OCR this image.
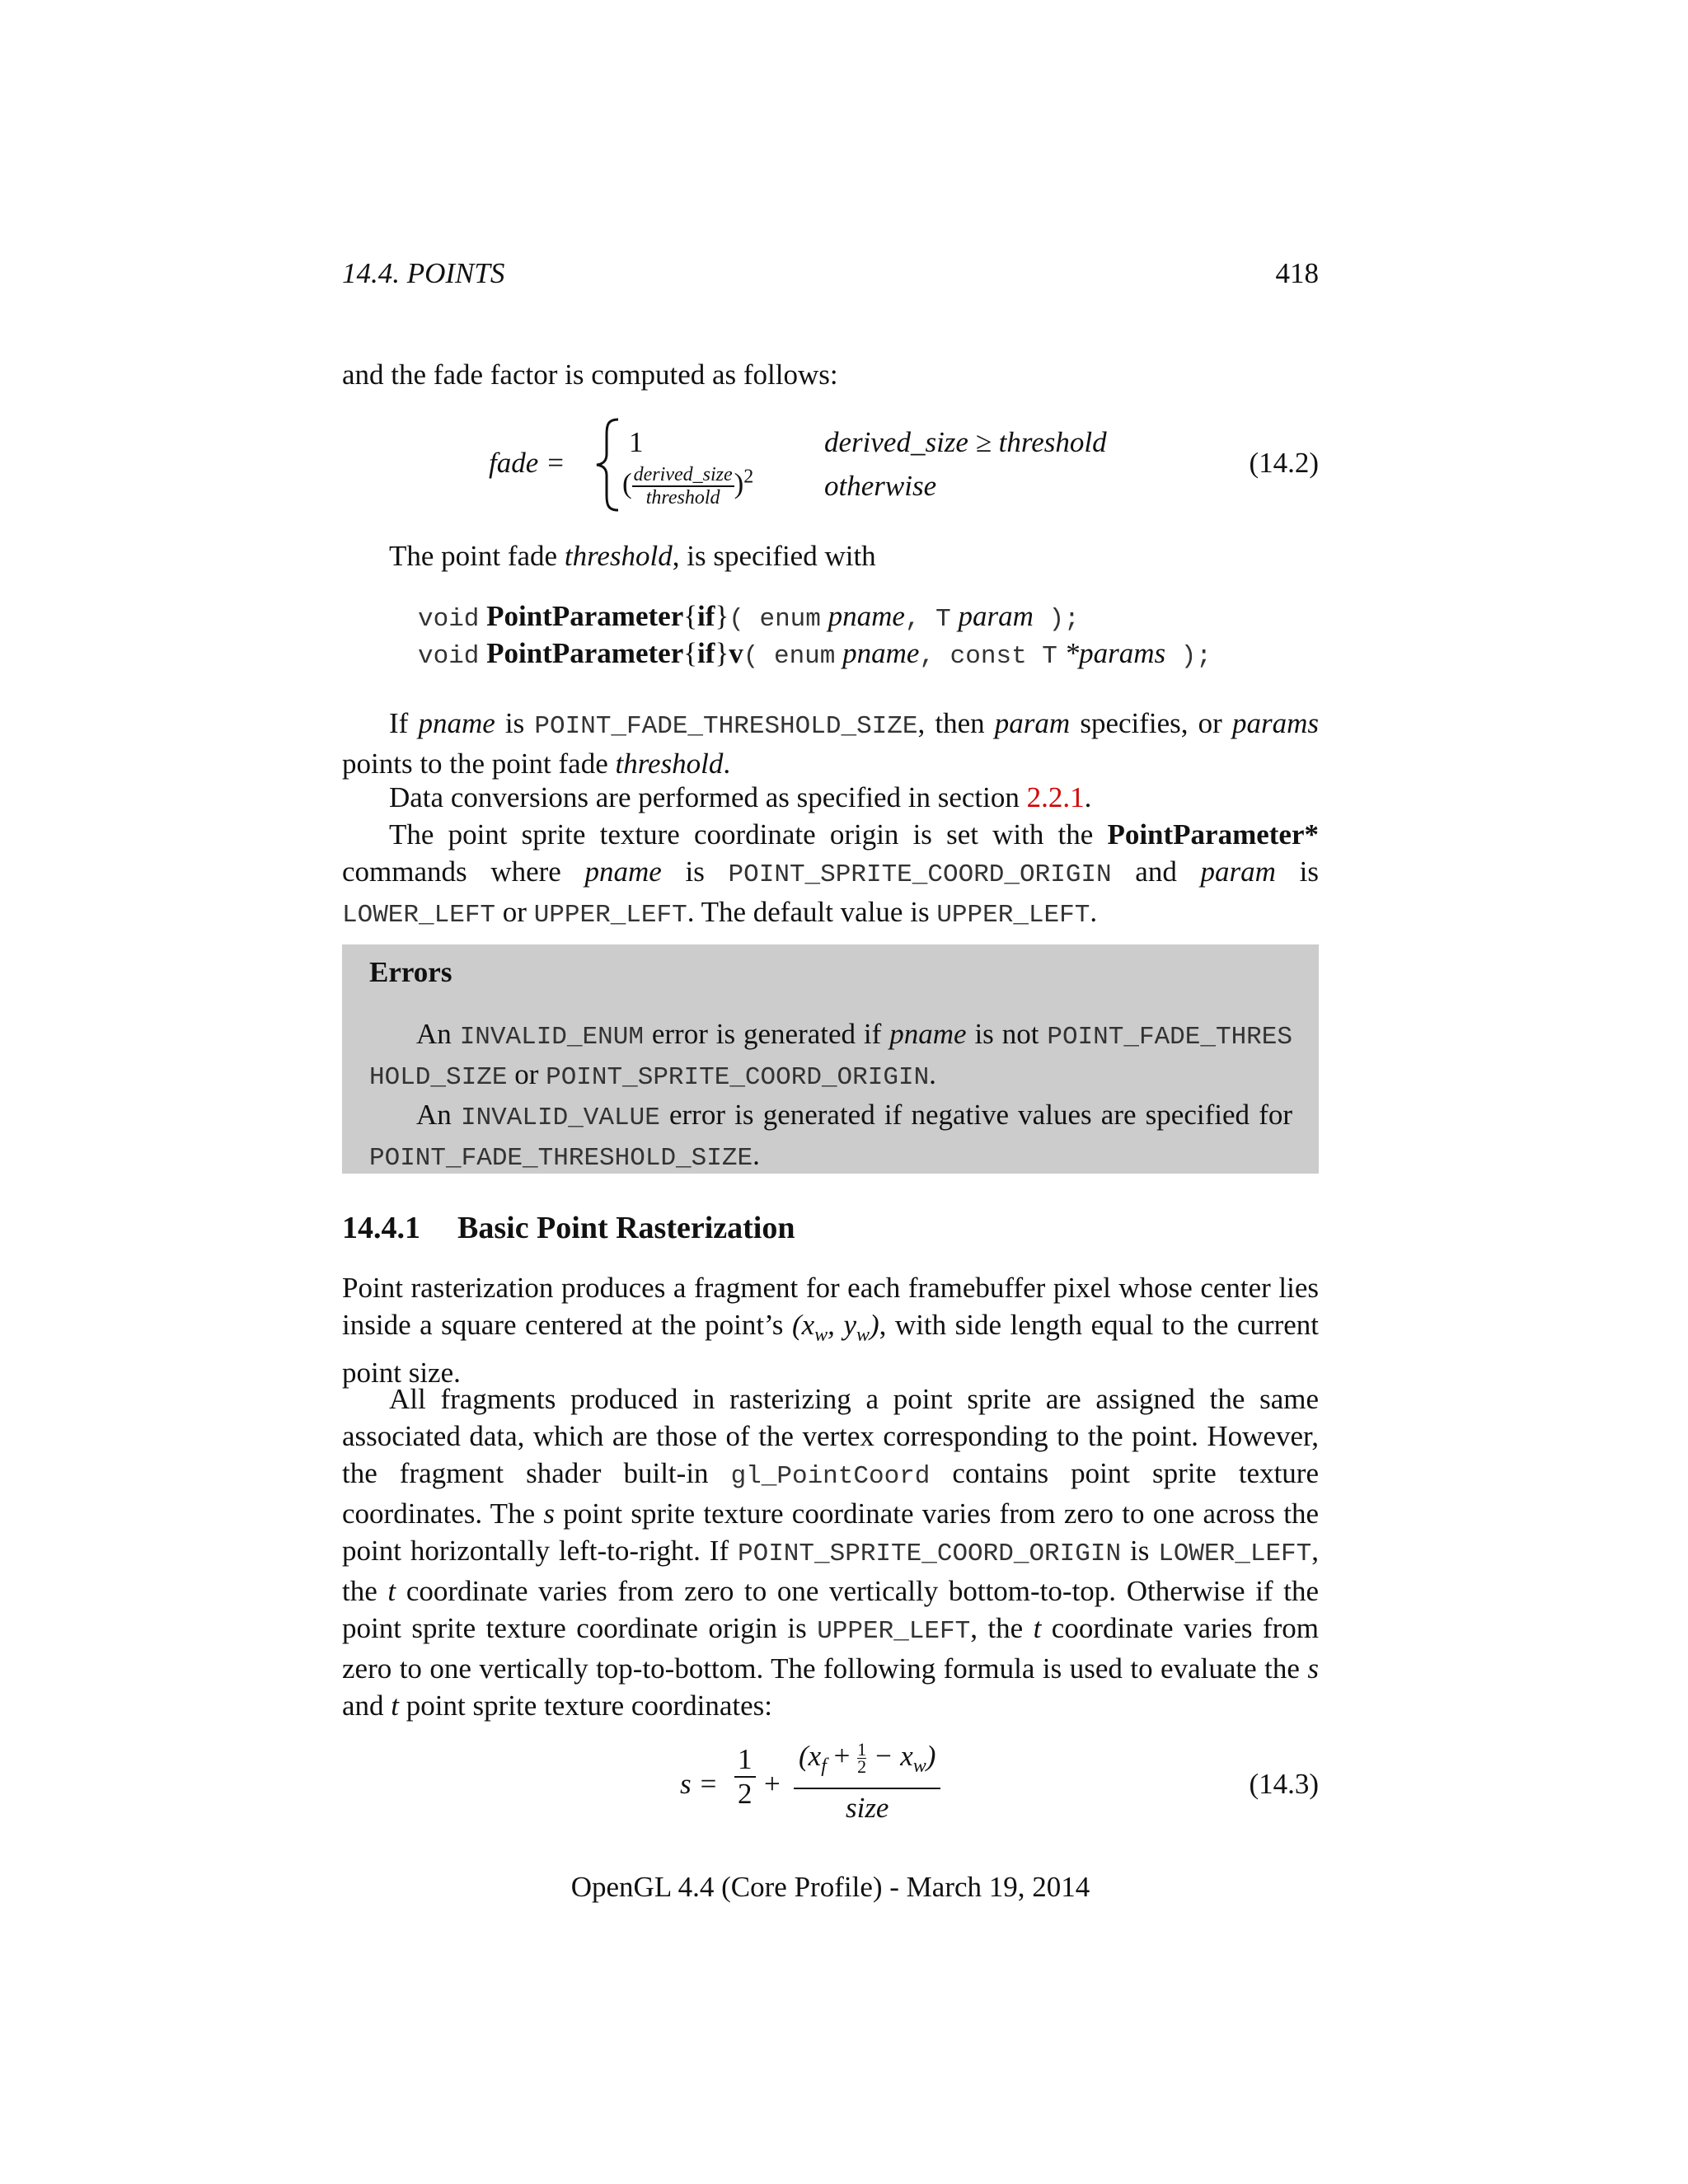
14.4. POINTS	418

and the fade factor is computed as follows:

fade =
1	derived_size ≥ threshold
( $\frac{\text{derived\_size}}{\text{threshold}} )^2$ otherwise
(14.2)

The point fade threshold, is specified with

void PointParameter{if}( enum pname, T param );
void PointParameter{if}v( enum pname, const T *params );

If pname is POINT_FADE_THRESHOLD_SIZE, then param specifies, or params points to the point fade threshold.

Data conversions are performed as specified in section 2.2.1.

The point sprite texture coordinate origin is set with the PointParameter* commands where pname is POINT_SPRITE_COORD_ORIGIN and param is LOWER_LEFT or UPPER_LEFT. The default value is UPPER_LEFT.

Errors

An INVALID_ENUM error is generated if pname is not POINT_FADE_THRESHOLD_SIZE or POINT_SPRITE_COORD_ORIGIN.
An INVALID_VALUE error is generated if negative values are specified for POINT_FADE_THRESHOLD_SIZE.

14.4.1 Basic Point Rasterization

Point rasterization produces a fragment for each framebuffer pixel whose center lies inside a square centered at the point’s ($x_w$, $y_w$), with side length equal to the current point size.

All fragments produced in rasterizing a point sprite are assigned the same associated data, which are those of the vertex corresponding to the point. However, the fragment shader built-in gl_PointCoord contains point sprite texture coordinates. The s point sprite texture coordinate varies from zero to one across the point horizontally left-to-right. If POINT_SPRITE_COORD_ORIGIN is LOWER_LEFT, the t coordinate varies from zero to one vertically bottom-to-top. Otherwise if the point sprite texture coordinate origin is UPPER_LEFT, the t coordinate varies from zero to one vertically top-to-bottom. The following formula is used to evaluate the s and t point sprite texture coordinates:

$s = \frac{1}{2}$ +
$(x_f + \frac{1}{2} - x_w)$
size
(14.3)
OpenGL 4.4 (Core Profile) - March 19, 2014
